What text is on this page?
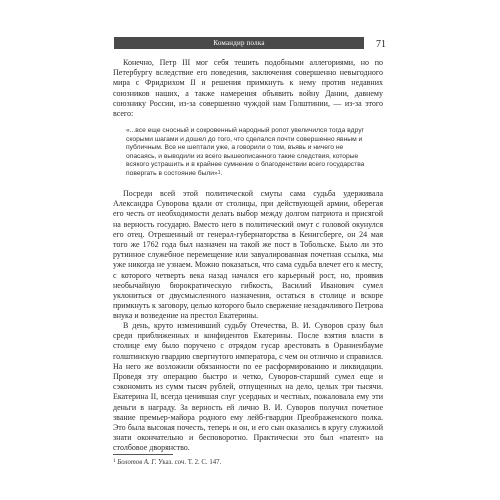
Командир полка	71

Конечно, Петр III мог себя тешить подобными аллегориями, но по Петербургу вследствие его поведения, заключения совершенно невыгодного мира с Фридрихом II и решения примкнуть к нему против недавних союзников наших, а также намерения объявить войну Дании, давнему союзнику России, из-за совершенно чуждой нам Голштинии, — из-за этого всего:

«...все еще сносный и сокровенный народный ропот увеличился тогда вдруг скорыми шагами и дошел до того, что сделался почти совершенно явным и публичным. Все не шептали уже, а говорили о том, въявь и ничего не опасаясь, и выводили из всего вышеописанного такие следствия, которые всякого устрашить и в крайнее сумнение о благоденствии всего государства повергать в состояние были»$^1$.

Посреди всей этой политической смуты сама судьба удерживала Александра Суворова вдали от столицы, при действующей армии, оберегая его честь от необходимости делать выбор между долгом патриота и присягой на верность государю. Вместо него в политический омут с головой окунулся его отец. Отрешенный от генерал-губернаторства в Кенигсберге, он 24 мая того же 1762 года был назначен на такой же пост в Тобольске. Было ли это рутинное служебное перемещение или завуалированная почетная ссылка, мы уже никогда не узнаем. Можно показаться, что сама судьба влечет его к месту, с которого четверть века назад начался его карьерный рост, но, проявив необычайную бюрократическую гибкость, Василий Иванович сумел уклониться от двусмысленного назначения, остаться в столице и вскоре примкнуть к заговору, целью которого было свержение незадачливого Петрова внука и возведение на престол Екатерины.

В день, круто изменивший судьбу Отечества, В. И. Суворов сразу был среди приближенных и конфидентов Екатерины. После взятия власти в столице ему было поручено с отрядом гусар арестовать в Ораниенбауме голштинскую гвардию свергнутого императора, с чем он отлично и справился. На него же возложили обязанности по ее расформированию и ликвидации. Проведя эту операцию быстро и четко, Суворов-старший сумел еще и сэкономить из сумм тысяч рублей, отпущенных на дело, целых три тысячи. Екатерина II, всегда ценившая слуг усердных и честных, пожаловала ему эти деньги в награду. За верность ей лично В. И. Суворов получил почетное звание премьер-майора родного ему лейб-гвардии Преображенского полка. Это была высокая почесть, теперь и он, и его сын оказались в кругу служилой знати окончательно и бесповоротно. Практически это был «патент» на столбовое дворянство.

$^1$ Болотов А. Г. Указ. соч. Т. 2. С. 147.
